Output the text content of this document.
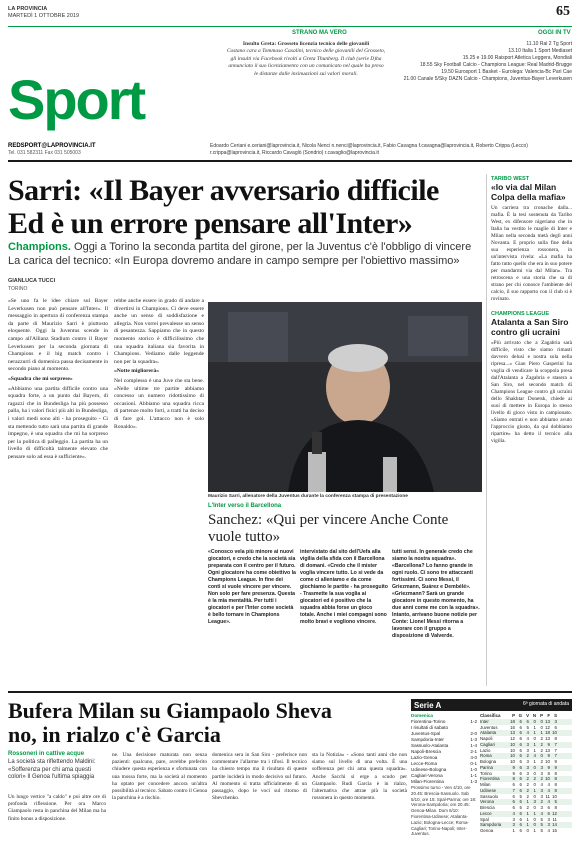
LA PROVINCIA
MARTEDÌ 1 OTTOBRE 2019	65
STRANO MA VERO	OGGI IN TV
Sport
Insulto Greta: Grosseto licenzia tecnico delle giovanili
Costano cara a Tommaso Casalini, tecnico delle giovanili del Grosseto, gli insulti via Facebook rivolti a Greta Thunberg. Il club (serie D)ha annunciato il suo licenziamento con un comunicato nel quale ha preso le distanze dalle insinuazioni sui valori morali.
11.10 Rai 2 Tg Sport
13.10 Italia 1 Sport Mediaset
15.25 e 19.00 Raisport Atletica Leggera, Mondiali
18.55 Sky Football Calcio - Champions League: Real Madrid-Brugge
19.50 Eurosport 1 Basket - Eurolega: Valencia-Bc Pari Cae
21.00 Canale 5/Sky DAZN Calcio - Champions, Juventus-Bayer Leverkusen
REDSPORT@LAPROVINCIA.IT
Tel. 031 582311 Fax 031 505003
Edoardo Ceriani e.ceriani@laprovincia.it, Nicola Nenci n.nenci@laprovincia.it, Fabio Cavagna f.cavagna@laprovincia.it, Roberto Crippa (Lecco) r.crippa@laprovincia.it, Riccardo Cavaglò (Sondrio) r.cavaglio@laprovincia.it
Sarri: «Il Bayer avversario difficile
Ed è un errore pensare all'Inter»
Champions. Oggi a Torino la seconda partita del girone, per la Juventus c'è l'obbligo di vincere
La carica del tecnico: «In Europa dovremo andare in campo sempre per l'obiettivo massimo»
GIANLUCA TUCCI
TORINO

«Se uno fa le idee chiare sul Bayer Leverkusen non può pensare all'Inter». Il messaggio in apertura di conferenza stampa da parte di Maurizio Sarri è piuttosto eloquente. Oggi la Juventus scende in campo all'Allianz Stadium contro il Bayer Leverkusen per la seconda giornata di Champions e il big match contro i nerazzurri di domenica passa decisamente in secondo piano al momento.

«Squadra che mi sorprese»

«Abbiamo una partita difficile contro una squadra forte, a un punto dal Bayern, di ragazzi che in Bundesliga ha più possesso palla, ha i valori fisici più alti in Bundesliga, i valori medi sono alti - ha proseguito - Ci sta mettendo tutto sarà una partita di grande impegno, è una squadra che mi ha sorpreso per la politica di palleggio. La partita ha un livello di difficoltà talmente elevato che pensare solo ad essa è sufficiente».

rebbe anche essere in grado di andare a divertirsi in Champions. Ci deve essere anche un senso di soddisfazione e allegria. Non vorrei prevalesse un senso di pesantezza. Sappiamo che in questo momento storico è difficilissimo che una squadra italiana sia favorita in Champions. Vediamo dalle leggende non per la squadra».

«Notte migliorerà»

Nel complesso è una Juve che sta bene. «Nelle ultime tre partite abbiamo concesso un numero ridottissimo di occasioni. Abbiamo una squadra ricca di partenze molto forti, a tratti ha deciso di fare gol. L'attacco non è solo Ronaldo».

Maurizio Sarri, allenatore della Juventus durante la conferenza stampa di presentazione
L'Inter verso il Barcellona
Sanchez: «Qui per vincere Anche Conte vuole tutto»
«Conosco vela più minore ai nuovi giocatori, e credo che la società sia preparata con il centro per il futuro. Ogni giocatore ha come obiettivo la Champions League. In fine dei conti si vuole vincere per vincere. Non solo per fare presenza. Questa è la mia mentalità. Per tutti i giocatori e per l'Inter come società è bello tornare in Champions League».
intervistato dal sito dell'Uefa alla vigilia della sfida con il Barcellona di domani. «Credo che il mister voglia vincere tutto. Lo si vede da come ci alleniamo e da come giochiamo le partite - ha proseguito - Trasmette la sua voglia ai giocatori ed è positivo che la squadra abbia forse un gioco totale. Anche i miei compagni sono molto bravi e vogliono vincere.
tutti sensi. In generale credo che siamo la nostra squadra». «Barcellona? Lo fanno grande in ogni ruolo. Ci sono tre attaccanti fortissimi. Ci sono Messi, il Griezmann, Suárez e Dembélé». «Griezmann? Sarà un grande giocatore in questo momento, ha due anni come me con la squadra». Intanto, arrivano buone notizie per Conte: Lionel Messi ritorna a lavorare con il gruppo a disposizione di Valverde.
TARIBO WEST
«Io via dal Milan Colpa della mafia»
Un carriera tra cronache dalla... mafia. È la tesi sostenuta da Taribo West, ex difensore nigeriano che in Italia ha vestito le maglie di Inter e Milan nella seconda metà degli anni Novanta. E proprio sulla fine della sua esperienza rossonera, in un'intervista rivela: «La mafia ha fatto tutto quello che era in suo potere per mandarmi via dal Milan». Tra retroscena e una storia che sa di strano per chi conosce l'ambiente del calcio, il suo rapporto con il club si è rovinato.
CHAMPIONS LEAGUE
Atalanta a San Siro contro gli ucraini
«Più arrivato che a Zagabria sarà difficile, visto che siamo rimasti davvero delusi e nostra sola nella ripresa...» Gian Piero Gasperini ha voglia di vendicare la scoppola presa dall'Atalanta a Zagabria e stasera a San Siro, nel secondo match di Champions League contro gli ucraini dello Shakhtar Donetsk, chiede ai suoi di mettere in Europa lo stesso livello di gioco visto in campionato. «Siamo entrati e non abbiamo avuto l'approccio giusto, da qui dobbiamo ripartire» ha detto il tecnico alla vigilia.
Bufera Milan su Giampaolo Sheva no, in rialzo c'è Garcia
Rossoneri in cattive acque
La società sta riflettendo Maldini: «Sofferenza per chi ama questi colori» Il Genoa l'ultima spiaggia
Un lungo vertice "a caldo" e poi altre ore di profonda riflessione. Per ora Marco Giampaolo resta in panchina del Milan ma ha finito bonus a disposizione.
ne. Una decisione maturata non senza pazienti: qualcuno, pare, avrebbe preferito chiudere questa esperienza e sfortunata con una mossa forte, ma la società al momento ha optato per concedere ancora un'altra possibilità al tecnico. Sabato contro il Genoa la panchina è a rischio.
domenica sera in San Siro - preferisce non commentare l'allarme tra i tifosi. Il tecnico ha chiesto tempo ma il risultato di queste partite inciderà in modo decisivo sul futuro. Al momento si tratta ufficialmente di un passaggio, dopo le voci sul ritorno di Shevchenko.
sta la Notizia» - «Sono tanti anni che non siamo sul livello di una volta. È una sofferenza per chi ama questa squadra». Anche Sacchi si erge a scudo per Giampaolo. Rudi Garcia è in rialzo, l'alternativa che attrae più la società rossonera in questo momento.
Serie A	6ª giornata di andata
Domenica
Fiorentina-Torino	1-2
I risultati di sabato
Juventus-Spal	2-0
Sampdoria-Inter	1-3
Sassuolo-Atalanta	1-4
Napoli-Brescia	2-1
Lazio-Genoa	4-0
Lecce-Roma	0-1
Udinese-Bologna	1-0
Cagliari-Verona	1-1
Milan-Fiorentina	1-3
Prossimo turno - Ven 4/10, ore 20.45: Brescia-Sassuolo. Sab 5/10, ore 15: Spal-Parma; ore 18: Verona-Sampdoria; ore 20.45: Genoa-Milan. Dom 6/10: Fiorentina-Udinese; Atalanta-Lazio; Bologna-Lecce; Roma-Cagliari; Torino-Napoli; Inter-Juventus.
Classifica	P G V N P F S
Inter	18	6	6	0	0 13	3
Juventus	16	6	5	1	0 12	6
Atalanta	13	6	4	1	1 18 10
Napoli	12	6	4	0	2 13	8
Cagliari	10	6	3	1	2	9	7
Lazio	10	6	3	1	2 13	7
Roma	10	6	2	4	0	9	7
Bologna	10	6	3	1	2 10	9
Parma	9	6	3	0	3	9	9
Torino	9	6	3	0	3	8	8
Fiorentina	8	6	2	2	2 10	8
Milan	6	6	2	0	4	4	8
Udinese	7	6	2	1	3	4	8
Sassuolo	6	5	2	0	3 11 10
Verona	6	6	1	3	2	4	5
Brescia	6	5	2	0	3	6	8
Lecce	4	6	1	1	4	6 12
Spal	3	6	1	0	5	3 11
Sampdoria	3	6	1	0	5	3 14
Genoa	1	6	0	1	5	4 15
